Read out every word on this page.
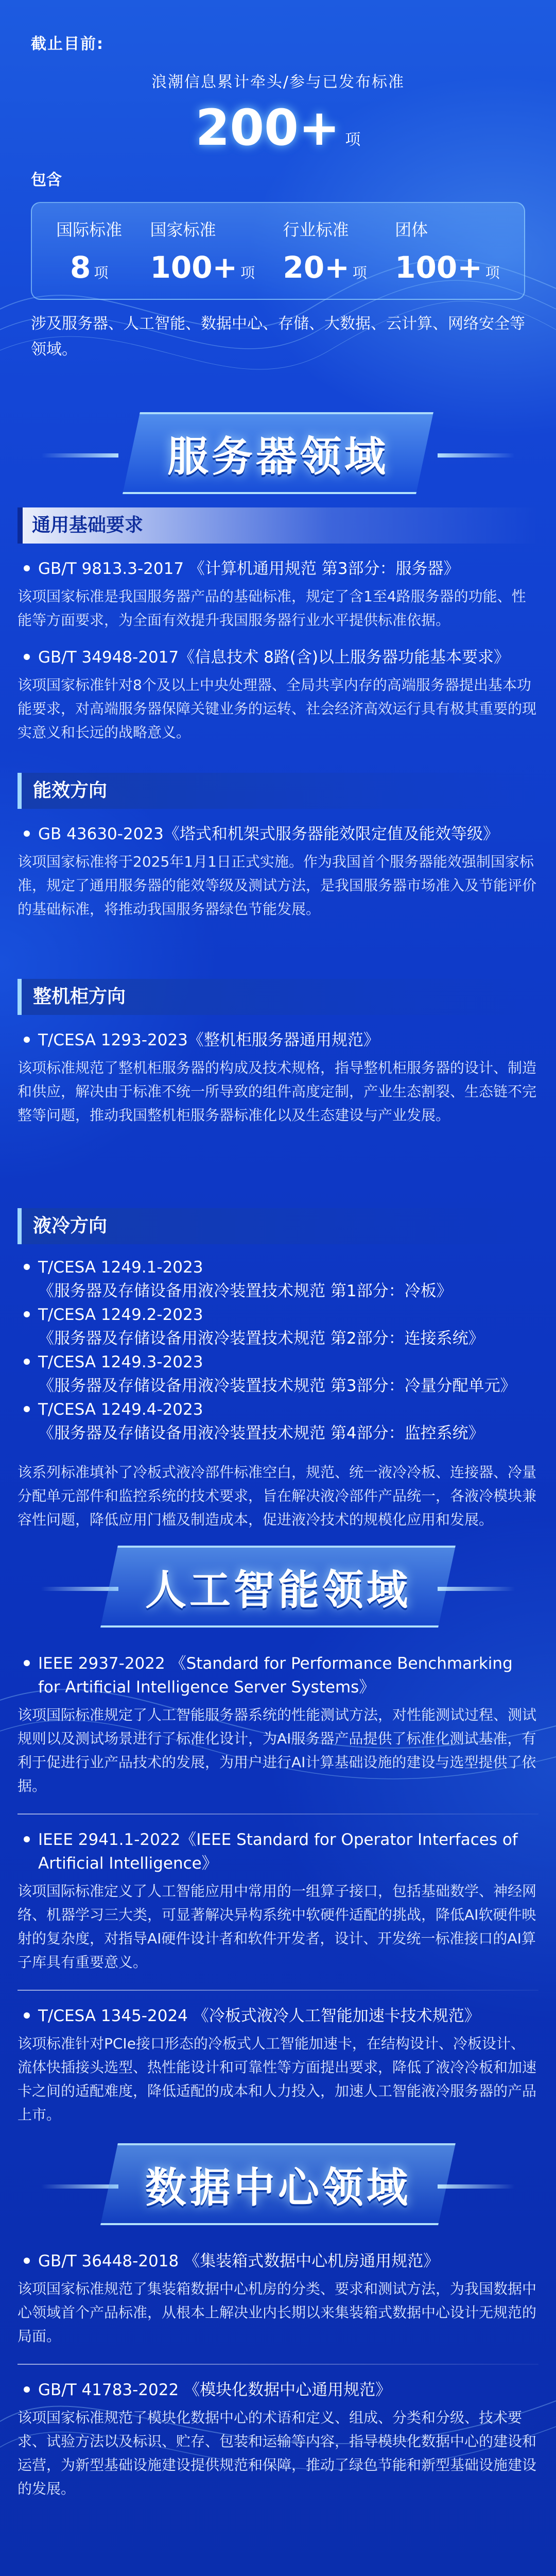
截止目前:
浪潮信息累计牵头/参与已发布标准
200+ 项
包含
国际标准
8 项
国家标准
100+ 项
行业标准
20+ 项
团体
100+ 项
涉及服务器、人工智能、数据中心、存储、大数据、云计算、网络安全等领域。
服务器领域
通用基础要求
GB/T 9813.3-2017 《计算机通用规范 第3部分：服务器》
该项国家标准是我国服务器产品的基础标准，规定了含1至4路服务器的功能、性能等方面要求，为全面有效提升我国服务器行业水平提供标准依据。
GB/T 34948-2017《信息技术 8路(含)以上服务器功能基本要求》
该项国家标准针对8个及以上中央处理器、全局共享内存的高端服务器提出基本功能要求，对高端服务器保障关键业务的运转、社会经济高效运行具有极其重要的现实意义和长远的战略意义。
能效方向
GB 43630-2023《塔式和机架式服务器能效限定值及能效等级》
该项国家标准将于2025年1月1日正式实施。作为我国首个服务器能效强制国家标准，规定了通用服务器的能效等级及测试方法，是我国服务器市场准入及节能评价的基础标准，将推动我国服务器绿色节能发展。
整机柜方向
T/CESA 1293-2023《整机柜服务器通用规范》
该项标准规范了整机柜服务器的构成及技术规格，指导整机柜服务器的设计、制造和供应，解决由于标准不统一所导致的组件高度定制，产业生态割裂、生态链不完整等问题，推动我国整机柜服务器标准化以及生态建设与产业发展。
液冷方向
T/CESA 1249.1-2023
《服务器及存储设备用液冷装置技术规范 第1部分：冷板》
T/CESA 1249.2-2023
《服务器及存储设备用液冷装置技术规范 第2部分：连接系统》
T/CESA 1249.3-2023
《服务器及存储设备用液冷装置技术规范 第3部分：冷量分配单元》
T/CESA 1249.4-2023
《服务器及存储设备用液冷装置技术规范 第4部分：监控系统》
该系列标准填补了冷板式液冷部件标准空白，规范、统一液冷冷板、连接器、冷量分配单元部件和监控系统的技术要求，旨在解决液冷部件产品统一，各液冷模块兼容性问题，降低应用门槛及制造成本，促进液冷技术的规模化应用和发展。
人工智能领域
IEEE 2937-2022 《Standard for Performance Benchmarking for Artificial Intelligence Server Systems》
该项国际标准规定了人工智能服务器系统的性能测试方法，对性能测试过程、测试规则以及测试场景进行了标准化设计，为AI服务器产品提供了标准化测试基准，有利于促进行业产品技术的发展，为用户进行AI计算基础设施的建设与选型提供了依据。
IEEE 2941.1-2022《IEEE Standard for Operator Interfaces of Artificial Intelligence》
该项国际标准定义了人工智能应用中常用的一组算子接口，包括基础数学、神经网络、机器学习三大类，可显著解决异构系统中软硬件适配的挑战，降低AI软硬件映射的复杂度，对指导AI硬件设计者和软件开发者，设计、开发统一标准接口的AI算子库具有重要意义。
T/CESA 1345-2024 《冷板式液冷人工智能加速卡技术规范》
该项标准针对PCIe接口形态的冷板式人工智能加速卡，在结构设计、冷板设计、流体快插接头选型、热性能设计和可靠性等方面提出要求，降低了液冷冷板和加速卡之间的适配难度，降低适配的成本和人力投入，加速人工智能液冷服务器的产品上市。
数据中心领域
GB/T 36448-2018 《集装箱式数据中心机房通用规范》
该项国家标准规范了集装箱数据中心机房的分类、要求和测试方法，为我国数据中心领域首个产品标准，从根本上解决业内长期以来集装箱式数据中心设计无规范的局面。
GB/T 41783-2022 《模块化数据中心通用规范》
该项国家标准规范了模块化数据中心的术语和定义、组成、分类和分级、技术要求、试验方法以及标识、贮存、包装和运输等内容，指导模块化数据中心的建设和运营，为新型基础设施建设提供规范和保障，推动了绿色节能和新型基础设施建设的发展。
